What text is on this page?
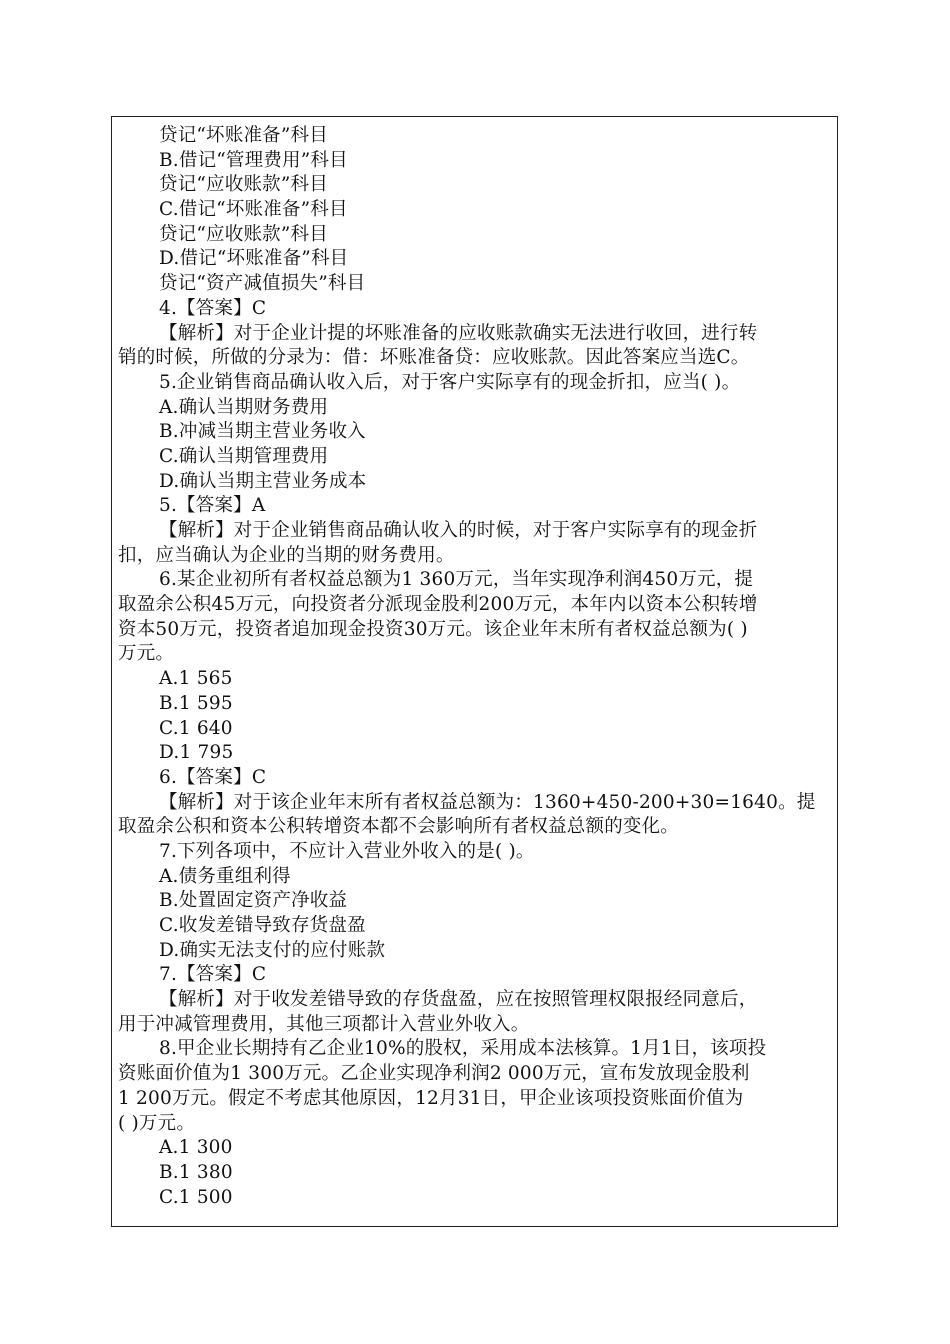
贷记“坏账准备”科目
B.借记“管理费用”科目
贷记“应收账款”科目
C.借记“坏账准备”科目
贷记“应收账款”科目
D.借记“坏账准备”科目
贷记“资产减值损失”科目
4.【答案】C
【解析】对于企业计提的坏账准备的应收账款确实无法进行收回，进行转
销的时候，所做的分录为：借：坏账准备贷：应收账款。因此答案应当选C。
5.企业销售商品确认收入后，对于客户实际享有的现金折扣，应当( )。
A.确认当期财务费用
B.冲减当期主营业务收入
C.确认当期管理费用
D.确认当期主营业务成本
5.【答案】A
【解析】对于企业销售商品确认收入的时候，对于客户实际享有的现金折
扣，应当确认为企业的当期的财务费用。
6.某企业初所有者权益总额为1 360万元，当年实现净利润450万元，提
取盈余公积45万元，向投资者分派现金股利200万元，本年内以资本公积转增
资本50万元，投资者追加现金投资30万元。该企业年末所有者权益总额为( )
万元。
A.1 565
B.1 595
C.1 640
D.1 795
6.【答案】C
【解析】对于该企业年末所有者权益总额为：1360+450-200+30=1640。提
取盈余公积和资本公积转增资本都不会影响所有者权益总额的变化。
7.下列各项中，不应计入营业外收入的是( )。
A.债务重组利得
B.处置固定资产净收益
C.收发差错导致存货盘盈
D.确实无法支付的应付账款
7.【答案】C
【解析】对于收发差错导致的存货盘盈，应在按照管理权限报经同意后，
用于冲减管理费用，其他三项都计入营业外收入。
8.甲企业长期持有乙企业10%的股权，采用成本法核算。1月1日，该项投
资账面价值为1 300万元。乙企业实现净利润2 000万元，宣布发放现金股利
1 200万元。假定不考虑其他原因，12月31日，甲企业该项投资账面价值为
( )万元。
A.1 300
B.1 380
C.1 500
